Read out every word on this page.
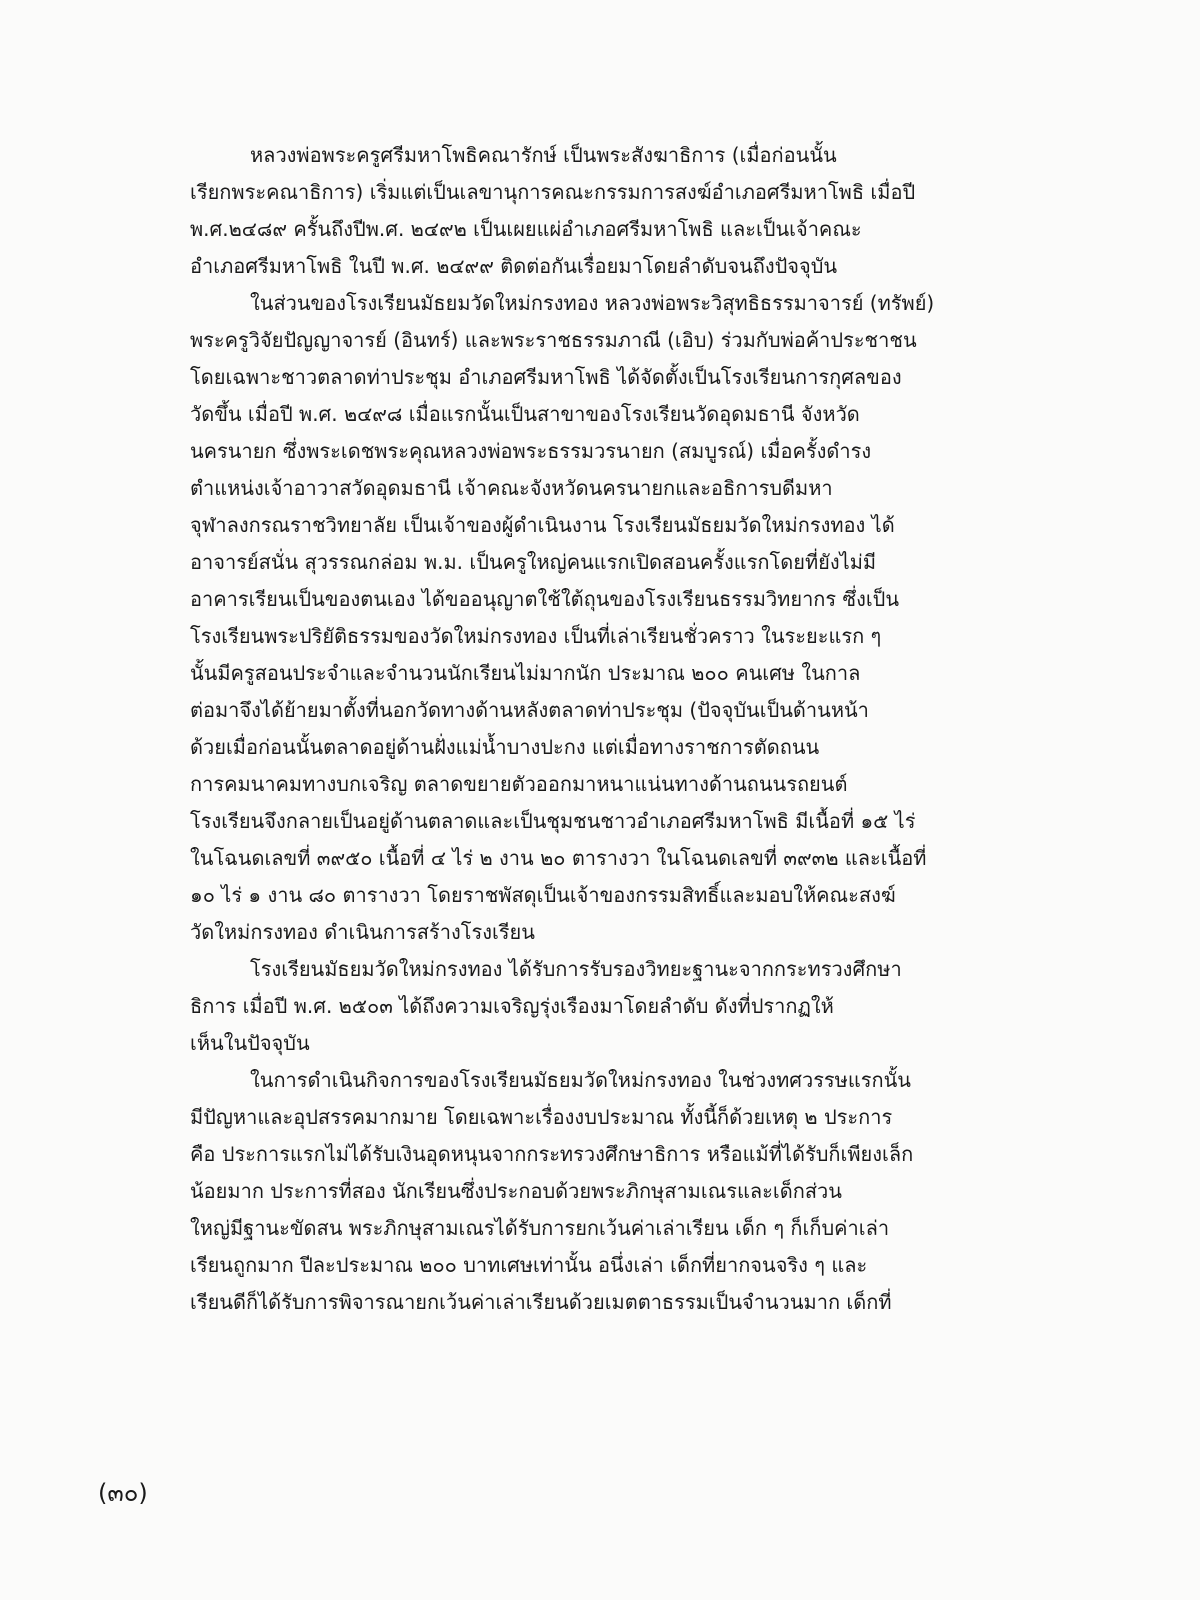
หลวงพ่อพระครูศรีมหาโพธิคณารักษ์ เป็นพระสังฆาธิการ (เมื่อก่อนนั้น
เรียกพระคณาธิการ) เริ่มแต่เป็นเลขานุการคณะกรรมการสงฆ์อำเภอศรีมหาโพธิ เมื่อปี
พ.ศ.๒๔๘๙ ครั้นถึงปีพ.ศ. ๒๔๙๒ เป็นเผยแผ่อำเภอศรีมหาโพธิ และเป็นเจ้าคณะ
อำเภอศรีมหาโพธิ ในปี พ.ศ. ๒๔๙๙ ติดต่อกันเรื่อยมาโดยลำดับจนถึงปัจจุบัน
ในส่วนของโรงเรียนมัธยมวัดใหม่กรงทอง หลวงพ่อพระวิสุทธิธรรมาจารย์ (ทรัพย์)
พระครูวิจัยปัญญาจารย์ (อินทร์) และพระราชธรรมภาณี (เอิบ) ร่วมกับพ่อค้าประชาชน
โดยเฉพาะชาวตลาดท่าประชุม อำเภอศรีมหาโพธิ ได้จัดตั้งเป็นโรงเรียนการกุศลของ
วัดขึ้น เมื่อปี พ.ศ. ๒๔๙๘ เมื่อแรกนั้นเป็นสาขาของโรงเรียนวัดอุดมธานี จังหวัด
นครนายก ซึ่งพระเดชพระคุณหลวงพ่อพระธรรมวรนายก (สมบูรณ์) เมื่อครั้งดำรง
ตำแหน่งเจ้าอาวาสวัดอุดมธานี เจ้าคณะจังหวัดนครนายกและอธิการบดีมหา
จุฬาลงกรณราชวิทยาลัย เป็นเจ้าของผู้ดำเนินงาน โรงเรียนมัธยมวัดใหม่กรงทอง ได้
อาจารย์สนั่น สุวรรณกล่อม พ.ม. เป็นครูใหญ่คนแรกเปิดสอนครั้งแรกโดยที่ยังไม่มี
อาคารเรียนเป็นของตนเอง ได้ขออนุญาตใช้ใต้ถุนของโรงเรียนธรรมวิทยากร ซึ่งเป็น
โรงเรียนพระปริยัติธรรมของวัดใหม่กรงทอง เป็นที่เล่าเรียนชั่วคราว ในระยะแรก ๆ
นั้นมีครูสอนประจำและจำนวนนักเรียนไม่มากนัก ประมาณ ๒๐๐ คนเศษ ในกาล
ต่อมาจึงได้ย้ายมาตั้งที่นอกวัดทางด้านหลังตลาดท่าประชุม (ปัจจุบันเป็นด้านหน้า
ด้วยเมื่อก่อนนั้นตลาดอยู่ด้านฝั่งแม่น้ำบางปะกง แต่เมื่อทางราชการตัดถนน
การคมนาคมทางบกเจริญ ตลาดขยายตัวออกมาหนาแน่นทางด้านถนนรถยนต์
โรงเรียนจึงกลายเป็นอยู่ด้านตลาดและเป็นชุมชนชาวอำเภอศรีมหาโพธิ มีเนื้อที่ ๑๕ ไร่
ในโฉนดเลขที่ ๓๙๕๐ เนื้อที่ ๔ ไร่ ๒ งาน ๒๐ ตารางวา ในโฉนดเลขที่ ๓๙๓๒ และเนื้อที่
๑๐ ไร่ ๑ งาน ๘๐ ตารางวา โดยราชพัสดุเป็นเจ้าของกรรมสิทธิ์และมอบให้คณะสงฆ์
วัดใหม่กรงทอง ดำเนินการสร้างโรงเรียน
โรงเรียนมัธยมวัดใหม่กรงทอง ได้รับการรับรองวิทยะฐานะจากกระทรวงศึกษา
ธิการ เมื่อปี พ.ศ. ๒๕๐๓ ได้ถึงความเจริญรุ่งเรืองมาโดยลำดับ ดังที่ปรากฏให้
เห็นในปัจจุบัน
ในการดำเนินกิจการของโรงเรียนมัธยมวัดใหม่กรงทอง ในช่วงทศวรรษแรกนั้น
มีปัญหาและอุปสรรคมากมาย โดยเฉพาะเรื่องงบประมาณ ทั้งนี้ก็ด้วยเหตุ ๒ ประการ
คือ ประการแรกไม่ได้รับเงินอุดหนุนจากกระทรวงศึกษาธิการ หรือแม้ที่ได้รับก็เพียงเล็ก
น้อยมาก ประการที่สอง นักเรียนซึ่งประกอบด้วยพระภิกษุสามเณรและเด็กส่วน
ใหญ่มีฐานะขัดสน พระภิกษุสามเณรได้รับการยกเว้นค่าเล่าเรียน เด็ก ๆ ก็เก็บค่าเล่า
เรียนถูกมาก ปีละประมาณ ๒๐๐ บาทเศษเท่านั้น อนึ่งเล่า เด็กที่ยากจนจริง ๆ และ
เรียนดีก็ได้รับการพิจารณายกเว้นค่าเล่าเรียนด้วยเมตตาธรรมเป็นจำนวนมาก เด็กที่
(๓๐)
